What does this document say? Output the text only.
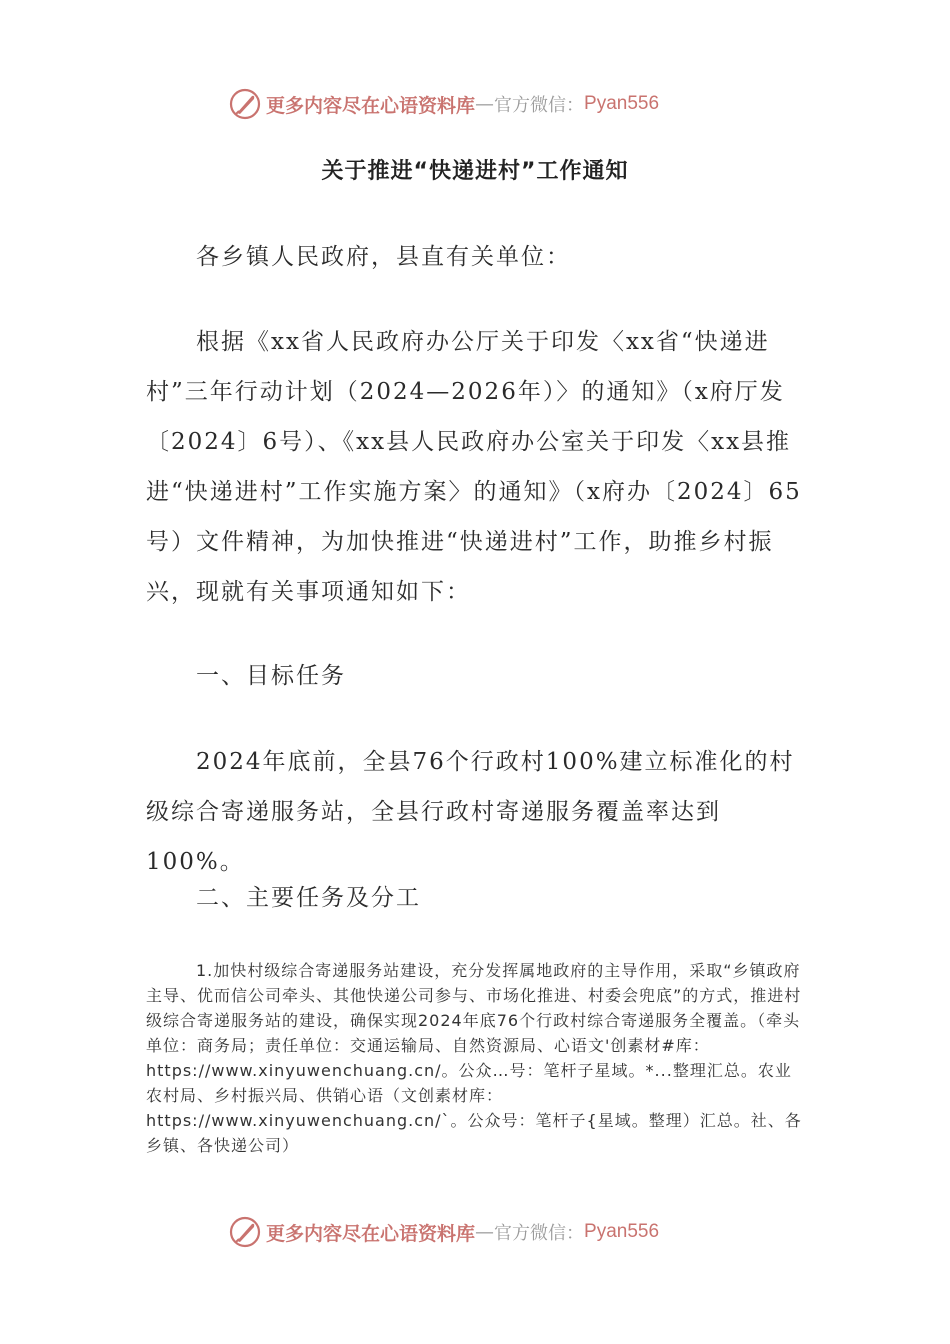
更多内容尽在心语资料库 — 官方微信： Pyan556
关于推进“快递进村”工作通知
各乡镇人民政府，县直有关单位：
根据《xx省人民政府办公厅关于印发〈xx省“快递进村”三年行动计划（2024—2026年）〉的通知》（x府厅发〔2024〕6号）、《xx县人民政府办公室关于印发〈xx县推进“快递进村”工作实施方案〉的通知》（x府办〔2024〕65号）文件精神，为加快推进“快递进村”工作，助推乡村振兴，现就有关事项通知如下：
一、目标任务
2024年底前，全县76个行政村100%建立标准化的村级综合寄递服务站，全县行政村寄递服务覆盖率达到100%。
二、主要任务及分工
1.加快村级综合寄递服务站建设，充分发挥属地政府的主导作用，采取“乡镇政府主导、优而信公司牵头、其他快递公司参与、市场化推进、村委会兜底”的方式，推进村级综合寄递服务站的建设，确保实现2024年底76个行政村综合寄递服务全覆盖。（牵头单位：商务局；责任单位：交通运输局、自然资源局、心语文'创素材#库：https://www.xinyuwenchuang.cn/。公众…号：笔杆子星域。*...整理汇总。农业农村局、乡村振兴局、供销心语（文创素材库：https://www.xinyuwenchuang.cn/`。公众号：笔杆子{星域。整理）汇总。社、各乡镇、各快递公司）
更多内容尽在心语资料库 — 官方微信： Pyan556
